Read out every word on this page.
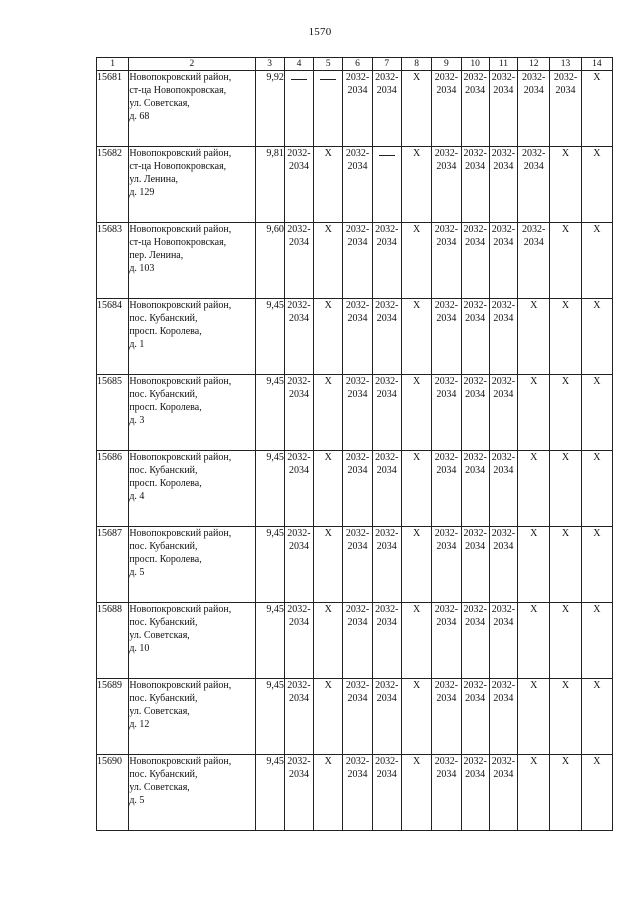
1570
1	2	3	4	5	6	7	8	9	10	11	12	13	14
15681	Новопокровский район,
ст-ца Новопокровская,
ул. Советская,
д. 68	9,92			2032-
2034	2032-
2034	X	2032-
2034	2032-
2034	2032-
2034	2032-
2034	2032-
2034	X
15682	Новопокровский район,
ст-ца Новопокровская,
ул. Ленина,
д. 129	9,81	2032-
2034	X	2032-
2034		X	2032-
2034	2032-
2034	2032-
2034	2032-
2034	X	X
15683	Новопокровский район,
ст-ца Новопокровская,
пер. Ленина,
д. 103	9,60	2032-
2034	X	2032-
2034	2032-
2034	X	2032-
2034	2032-
2034	2032-
2034	2032-
2034	X	X
15684	Новопокровский район,
пос. Кубанский,
просп. Королева,
д. 1	9,45	2032-
2034	X	2032-
2034	2032-
2034	X	2032-
2034	2032-
2034	2032-
2034	X	X	X
15685	Новопокровский район,
пос. Кубанский,
просп. Королева,
д. 3	9,45	2032-
2034	X	2032-
2034	2032-
2034	X	2032-
2034	2032-
2034	2032-
2034	X	X	X
15686	Новопокровский район,
пос. Кубанский,
просп. Королева,
д. 4	9,45	2032-
2034	X	2032-
2034	2032-
2034	X	2032-
2034	2032-
2034	2032-
2034	X	X	X
15687	Новопокровский район,
пос. Кубанский,
просп. Королева,
д. 5	9,45	2032-
2034	X	2032-
2034	2032-
2034	X	2032-
2034	2032-
2034	2032-
2034	X	X	X
15688	Новопокровский район,
пос. Кубанский,
ул. Советская,
д. 10	9,45	2032-
2034	X	2032-
2034	2032-
2034	X	2032-
2034	2032-
2034	2032-
2034	X	X	X
15689	Новопокровский район,
пос. Кубанский,
ул. Советская,
д. 12	9,45	2032-
2034	X	2032-
2034	2032-
2034	X	2032-
2034	2032-
2034	2032-
2034	X	X	X
15690	Новопокровский район,
пос. Кубанский,
ул. Советская,
д. 5	9,45	2032-
2034	X	2032-
2034	2032-
2034	X	2032-
2034	2032-
2034	2032-
2034	X	X	X
